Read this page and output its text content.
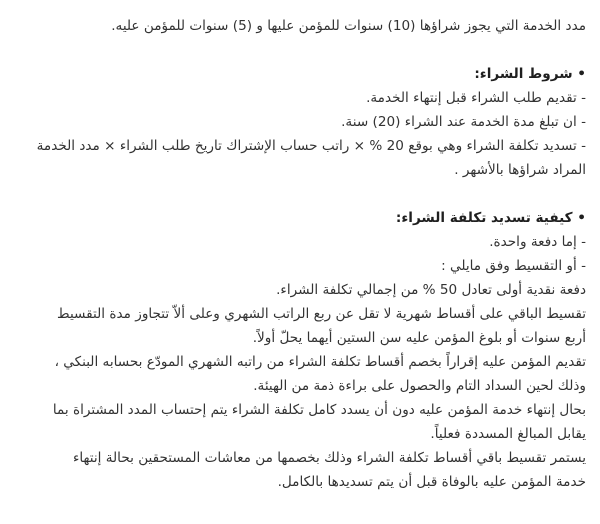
مدد الخدمة التي يجوز شراؤها (10) سنوات للمؤمن عليها و (5) سنوات للمؤمن عليه.
• شروط الشراء:
- تقديم طلب الشراء قبل إنتهاء الخدمة.
- ان تبلغ مدة الخدمة عند الشراء (20) سنة.
- تسديد تكلفة الشراء وهي بوقع 20 % × راتب حساب الإشتراك تاريخ طلب الشراء × مدد الخدمة
المراد شراؤها بالأشهر .
• كيفية تسديد تكلفة الشراء:
- إما دفعة واحدة.
- أو التقسيط وفق مايلي :
دفعة نقدية أولى تعادل 50 % من إجمالي تكلفة الشراء.
تقسيط الباقي على أقساط شهرية لا تقل عن ربع الراتب الشهري وعلى ألاّ تتجاوز مدة التقسيط
أربع سنوات أو بلوغ المؤمن عليه سن الستين أيهما يحلّ أولاً.
تقديم المؤمن عليه إقراراً بخصم أقساط تكلفة الشراء من راتبه الشهري المودّع بحسابه البنكي ،
وذلك لحين السداد التام والحصول على براءة ذمة من الهيئة.
بحال إنتهاء خدمة المؤمن عليه دون أن يسدد كامل تكلفة الشراء يتم إحتساب المدد المشتراة بما
يقابل المبالغ المسددة فعلياً.
يستمر تقسيط باقي أقساط تكلفة الشراء وذلك بخصمها من معاشات المستحقين بحالة إنتهاء
خدمة المؤمن عليه بالوفاة قبل أن يتم تسديدها بالكامل.
